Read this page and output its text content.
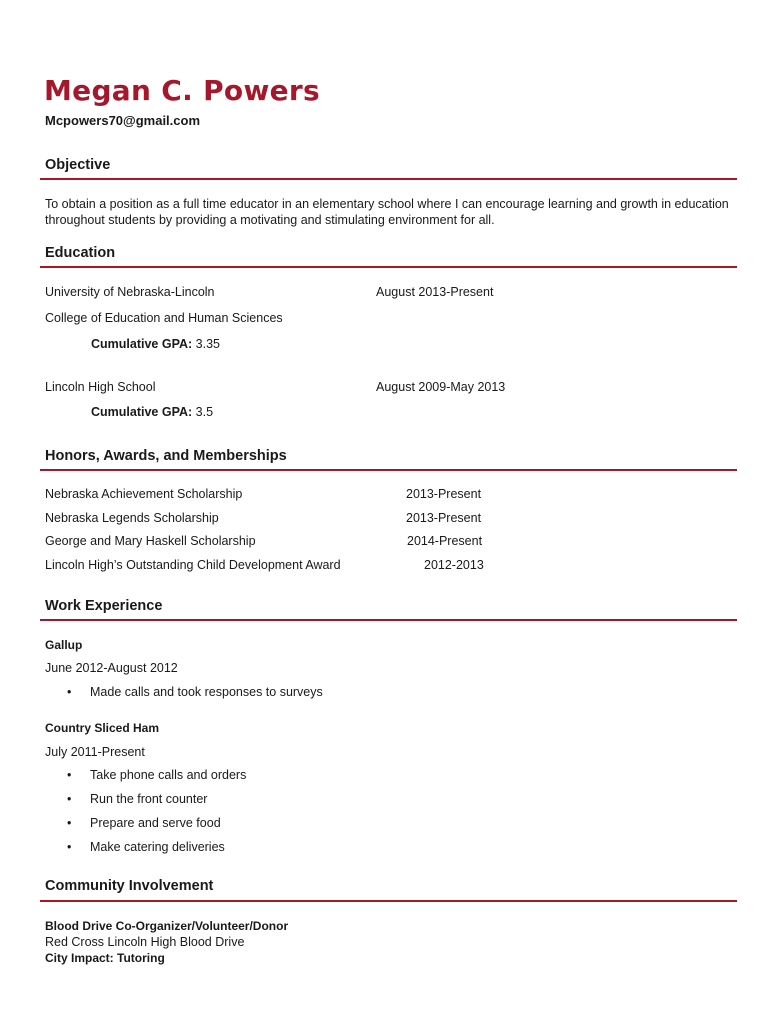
Megan C. Powers
Mcpowers70@gmail.com
Objective
To obtain a position as a full time educator in an elementary school where I can encourage learning and growth in education throughout students by providing a motivating and stimulating environment for all.
Education
University of Nebraska-Lincoln	August 2013-Present
College of Education and Human Sciences
Cumulative GPA: 3.35
Lincoln High School	August 2009-May 2013
Cumulative GPA: 3.5
Honors, Awards, and Memberships
Nebraska Achievement Scholarship	2013-Present
Nebraska Legends Scholarship	2013-Present
George and Mary Haskell Scholarship	2014-Present
Lincoln High’s Outstanding Child Development Award	2012-2013
Work Experience
Gallup
June 2012-August 2012
• Made calls and took responses to surveys
Country Sliced Ham
July 2011-Present
• Take phone calls and orders
• Run the front counter
• Prepare and serve food
• Make catering deliveries
Community Involvement
Blood Drive Co-Organizer/Volunteer/Donor
Red Cross Lincoln High Blood Drive
City Impact: Tutoring
